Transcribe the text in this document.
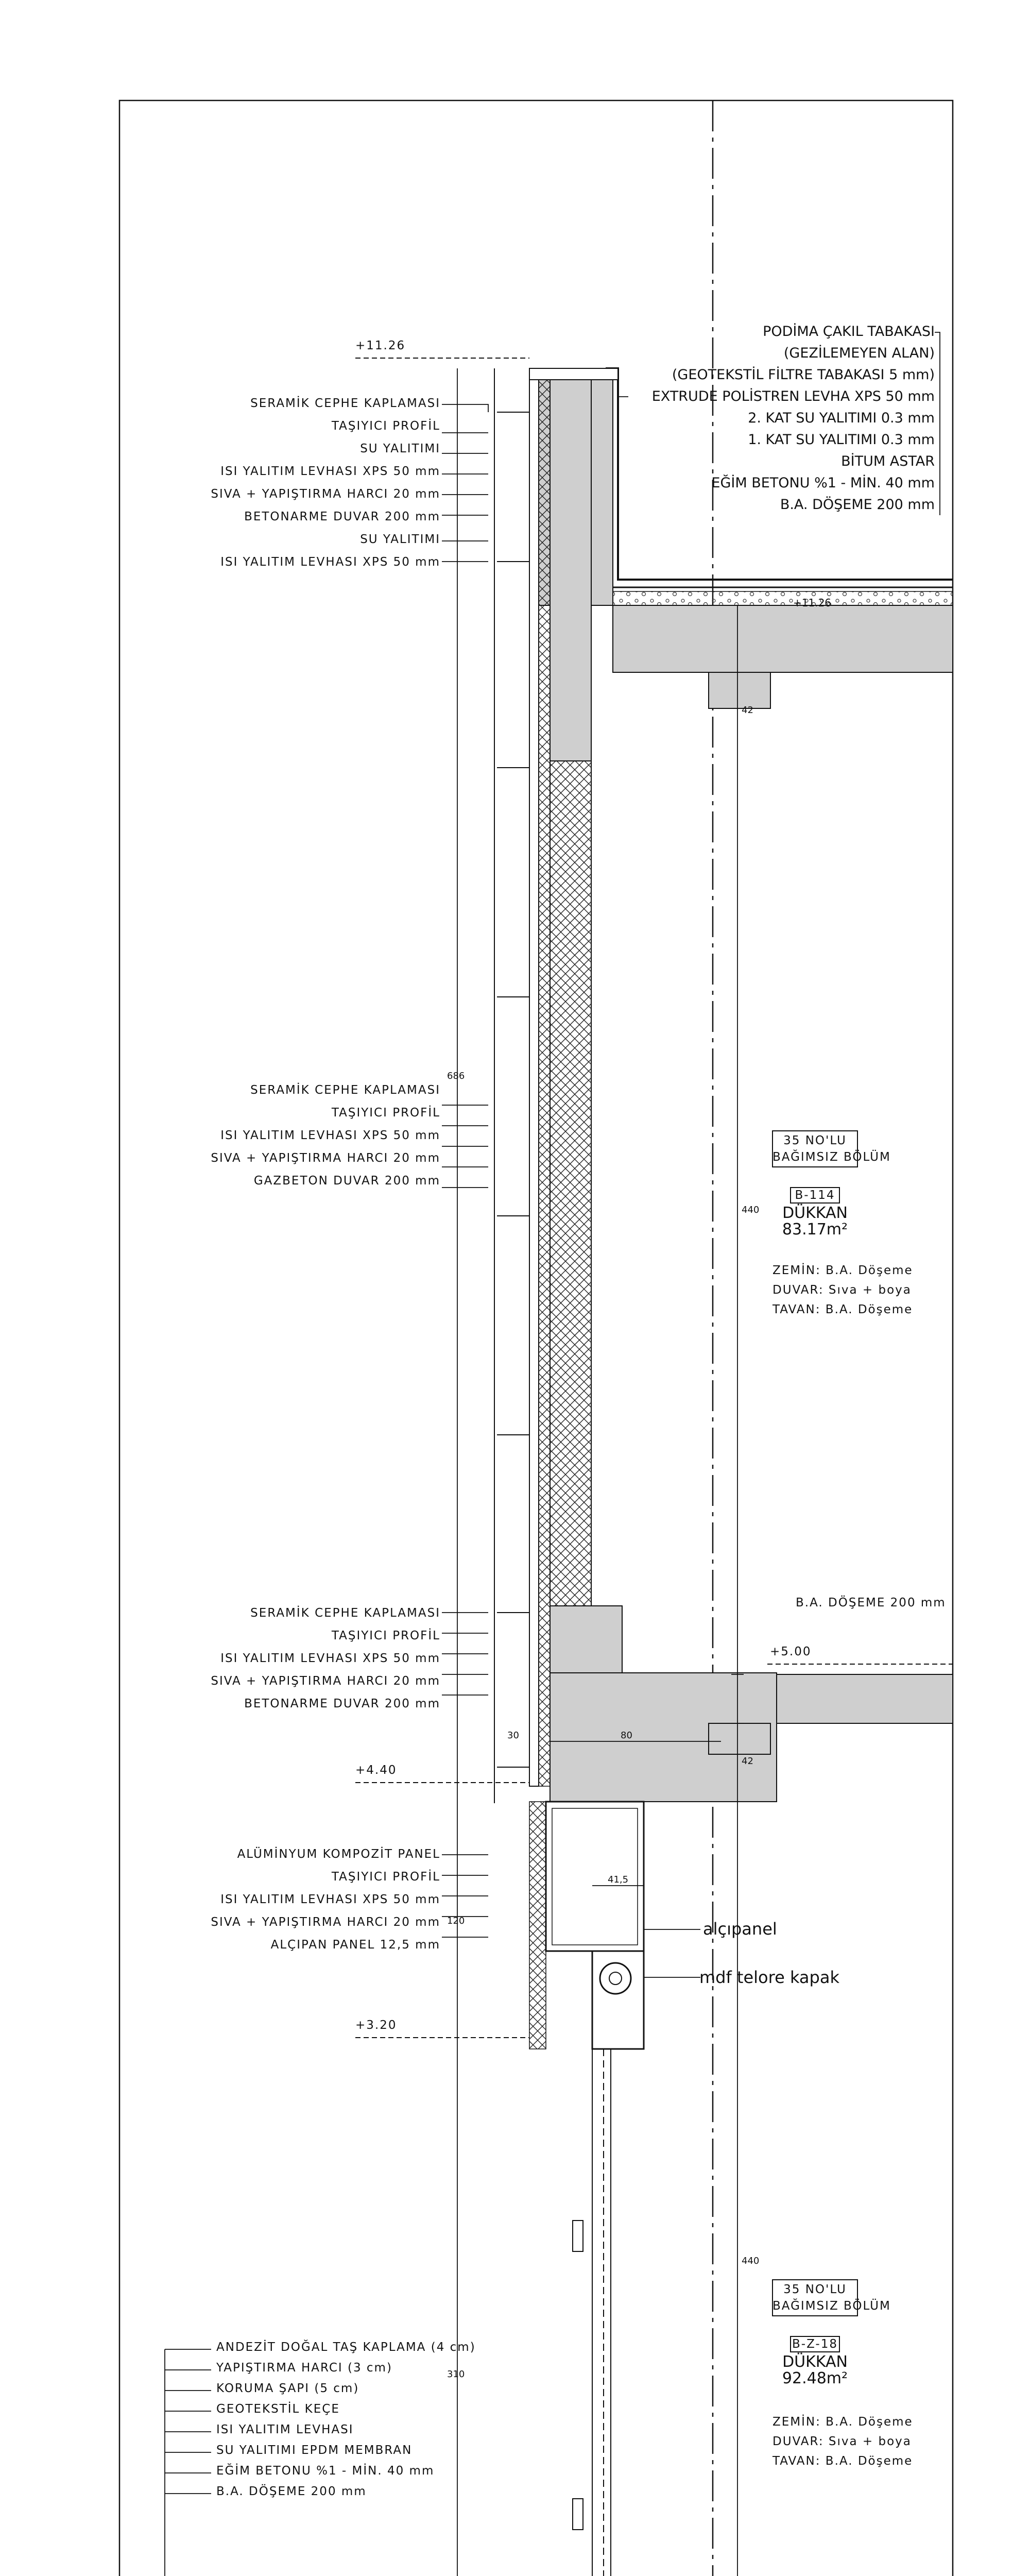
+11.26
+4.40
+3.20
+5.00
+11.26
PODİMA ÇAKIL TABAKASI
(GEZİLEMEYEN ALAN)
(GEOTEKSTİL FİLTRE TABAKASI 5 mm)
EXTRUDE POLİSTREN LEVHA XPS 50 mm
2. KAT SU YALITIMI 0.3 mm
1. KAT SU YALITIMI 0.3 mm
BİTUM ASTAR
EĞİM BETONU %1 - MİN. 40 mm
B.A. DÖŞEME 200 mm
SERAMİK CEPHE KAPLAMASI
TAŞIYICI PROFİL
SU YALITIMI
ISI YALITIM LEVHASI XPS 50 mm
SIVA + YAPIŞTIRMA HARCI 20 mm
BETONARME DUVAR 200 mm
SU YALITIMI
ISI YALITIM LEVHASI XPS 50 mm
SERAMİK CEPHE KAPLAMASI
TAŞIYICI PROFİL
ISI YALITIM LEVHASI XPS 50 mm
SIVA + YAPIŞTIRMA HARCI 20 mm
GAZBETON DUVAR 200 mm
SERAMİK CEPHE KAPLAMASI
TAŞIYICI PROFİL
ISI YALITIM LEVHASI XPS 50 mm
SIVA + YAPIŞTIRMA HARCI 20 mm
BETONARME DUVAR 200 mm
ALÜMİNYUM KOMPOZİT PANEL
TAŞIYICI PROFİL
ISI YALITIM LEVHASI XPS 50 mm
SIVA + YAPIŞTIRMA HARCI 20 mm
ALÇIPAN PANEL 12,5 mm
ANDEZİT DOĞAL TAŞ KAPLAMA (4 cm)
YAPIŞTIRMA HARCI (3 cm)
KORUMA ŞAPI (5 cm)
GEOTEKSTİL KEÇE
ISI YALITIM LEVHASI
SU YALITIMI EPDM MEMBRAN
EĞİM BETONU %1 - MİN. 40 mm
B.A. DÖŞEME 200 mm
alçıpanel
mdf telore kapak
35 NO'LU
BAĞIMSIZ BÖLÜM
B-114
DÜKKAN
83.17m²
ZEMİN: B.A. Döşeme
DUVAR: Sıva + boya
TAVAN: B.A. Döşeme
B.A. DÖŞEME 200 mm
35 NO'LU
BAĞIMSIZ BÖLÜM
B-Z-18
DÜKKAN
92.48m²
ZEMİN: B.A. Döşeme
DUVAR: Sıva + boya
TAVAN: B.A. Döşeme
30	80
41,5
42
42
440
440
686
120
310
